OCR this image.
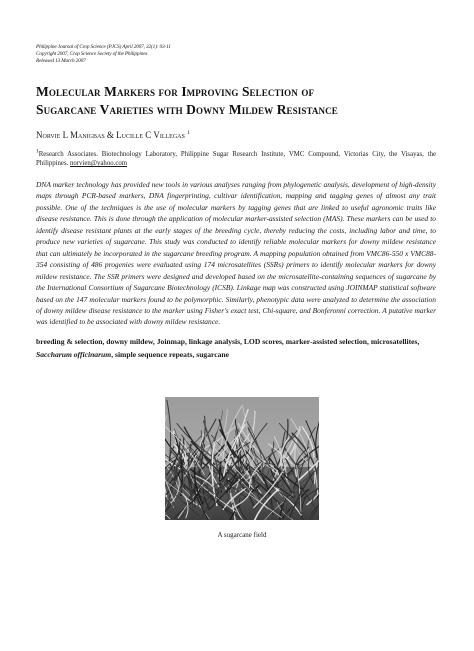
Philippine Journal of Crop Science (PJCS) April 2007, 32(1): 03-11
Copyright 2007, Crop Science Society of the Philippines
Released 13 March 2007
Molecular Markers for Improving Selection of
Sugarcane Varieties with Downy Mildew Resistance
Norvie L Manigbas & Lucille C Villegas $^1$
$^1$Research Associates. Biotechnology Laboratory, Philippine Sugar Research Institute, VMC Compound, Victorias City, the Visayas, the Philippines. norvien@yahoo.com
DNA marker technology has provided new tools in various analyses ranging from phylogenetic analysis, development of high-density maps through PCR-based markers, DNA fingerprinting, cultivar identification, mapping and tagging genes of almost any trait possible. One of the techniques is the use of molecular markers by tagging genes that are linked to useful agronomic traits like disease resistance. This is done through the application of molecular marker-assisted selection (MAS). These markers can be used to identify disease resistant plants at the early stages of the breeding cycle, thereby reducing the costs, including labor and time, to produce new varieties of sugarcane. This study was conducted to identify reliable molecular markers for downy mildew resistance that can ultimately be incorporated in the sugarcane breeding program. A mapping population obtained from VMC86-550 x VMC88-354 consisting of 486 progenies were evaluated using 174 microsatellites (SSRs) primers to identify molecular markers for downy mildew resistance. The SSR primers were designed and developed based on the microsatellite-containing sequences of sugarcane by the International Consortium of Sugarcane Biotechnology (ICSB). Linkage map was constructed using JOINMAP statistical software based on the 147 molecular markers found to be polymorphic. Similarly, phenotypic data were analyzed to determine the association of downy mildew disease resistance to the marker using Fisher's exact test, Chi-square, and Bonferonni correction. A putative marker was identified to be associated with downy mildew resistance.
breeding & selection, downy mildew, Joinmap, linkage analysis, LOD scores, marker-assisted selection, microsatellites, Saccharum officinarum, simple sequence repeats, sugarcane
A sugarcane field
